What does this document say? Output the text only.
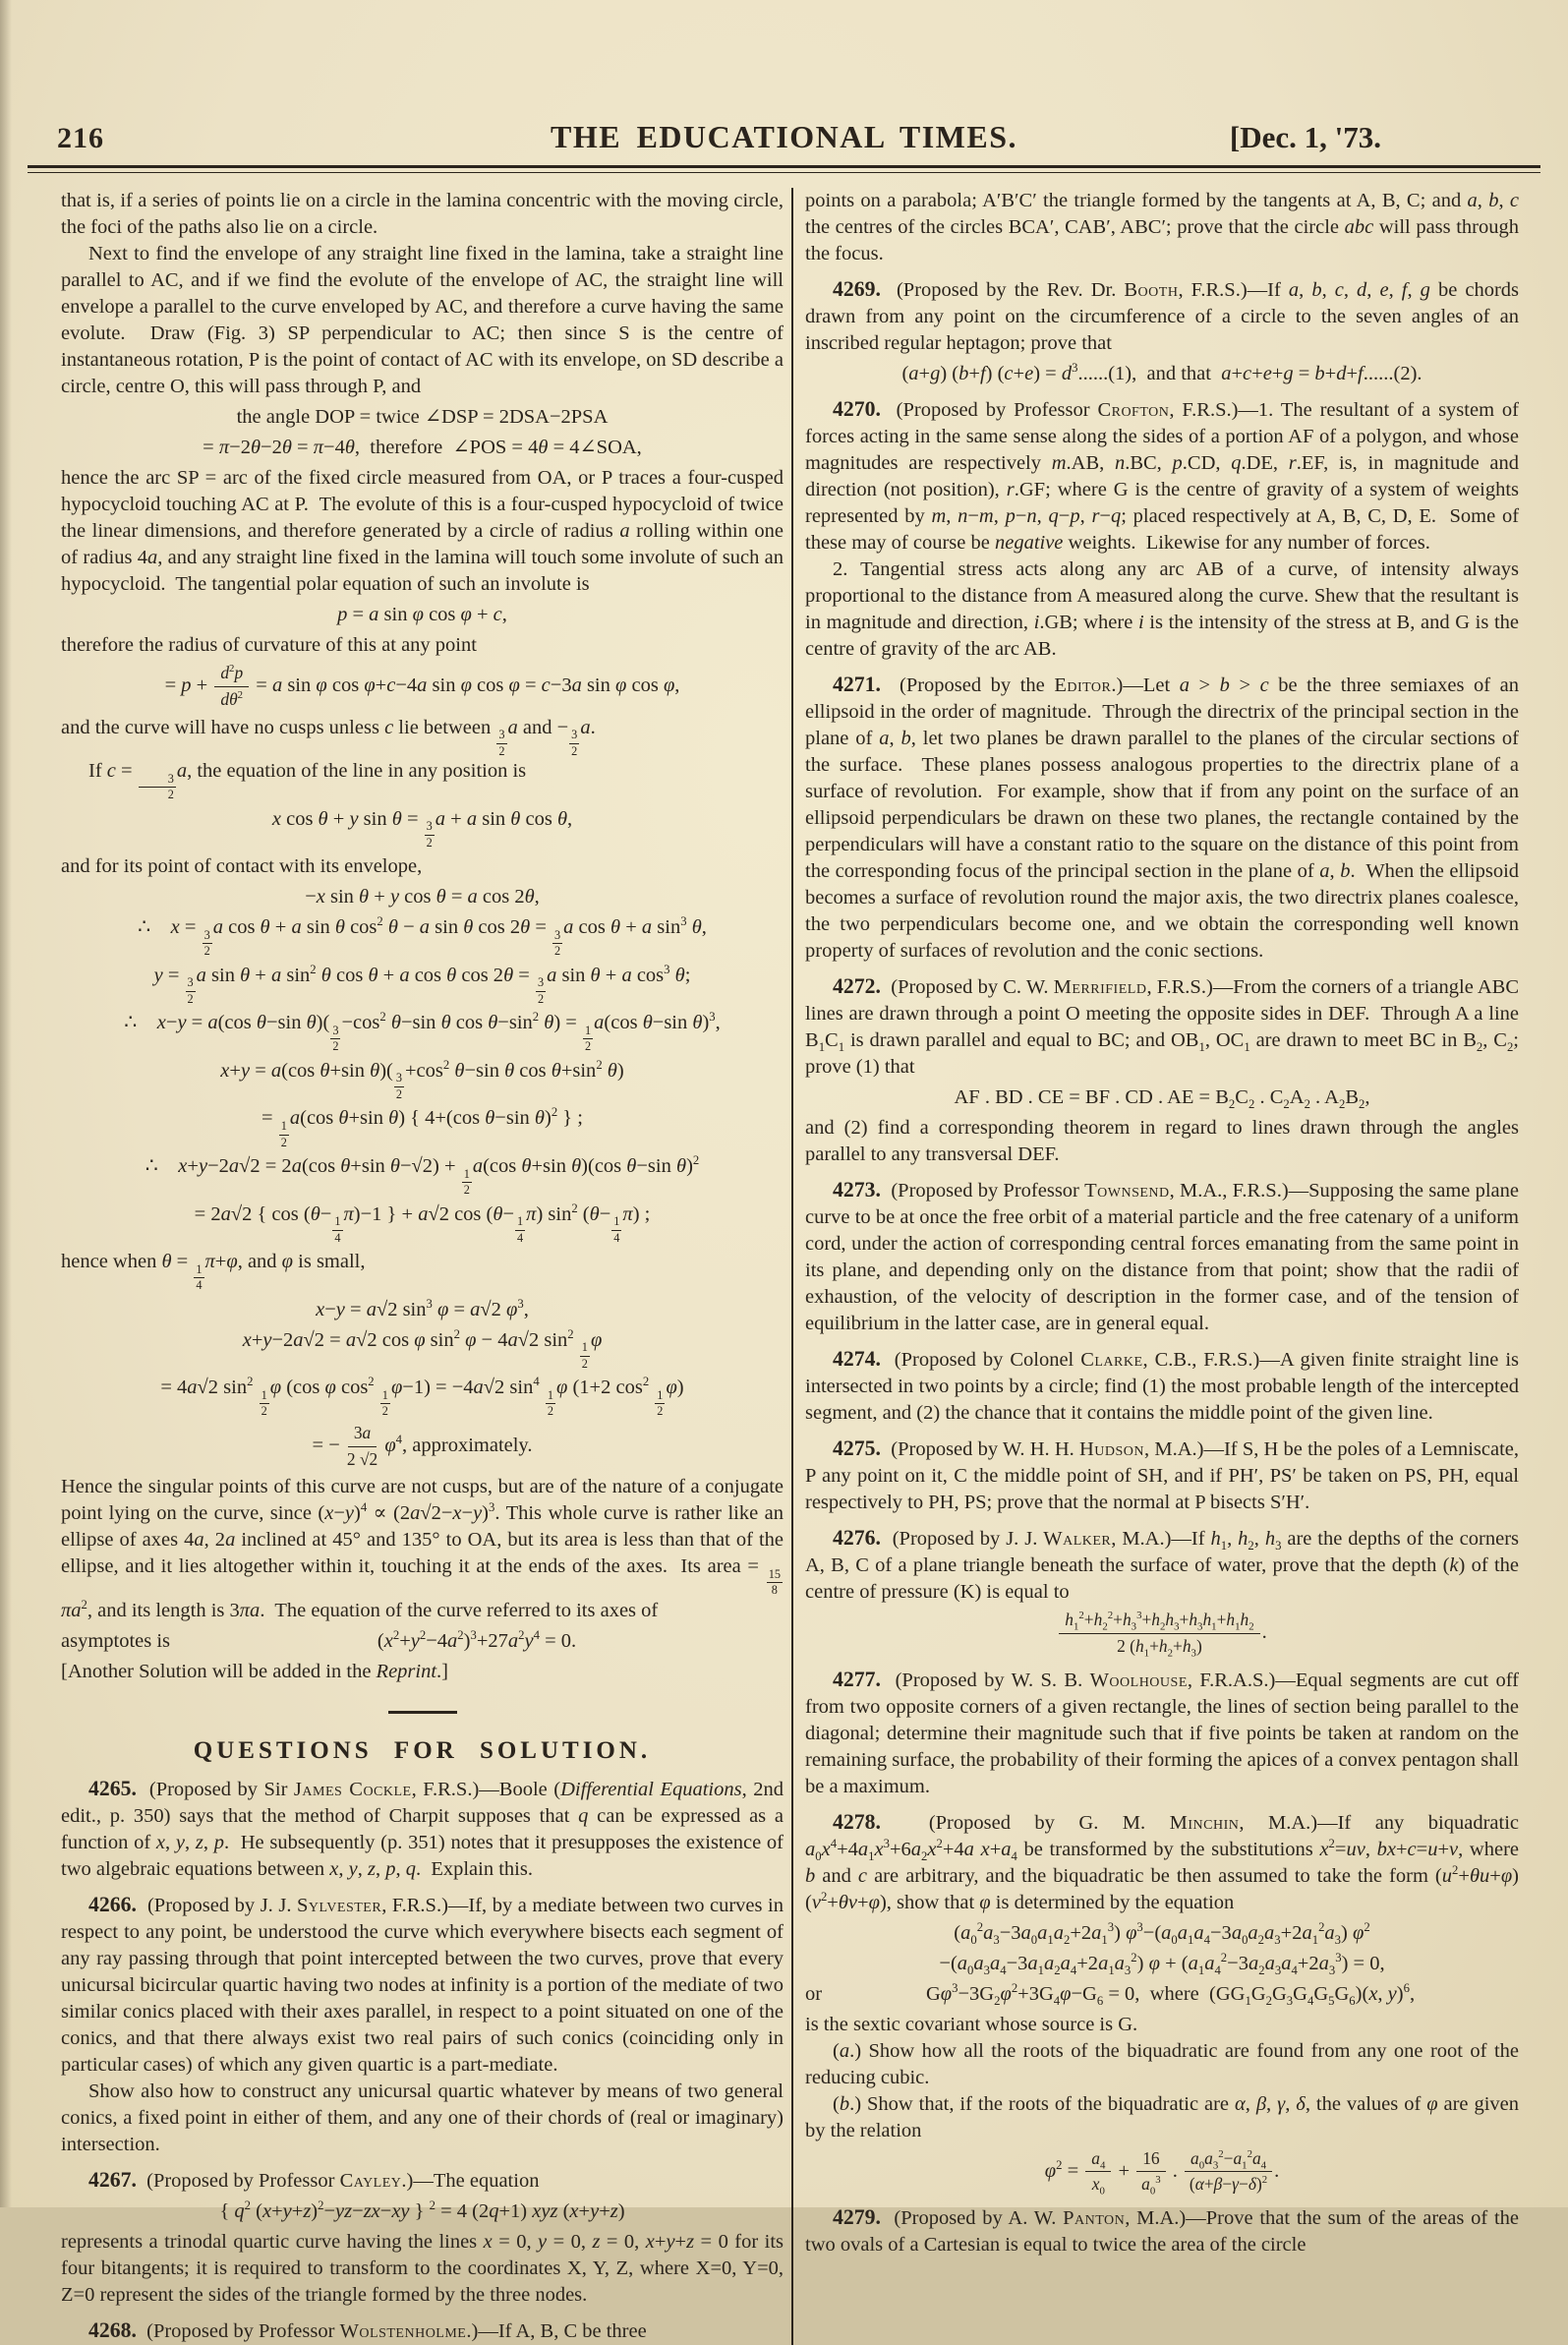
216	THE EDUCATIONAL TIMES.	[Dec. 1, '73.
that is, if a series of points lie on a circle in the lamina concentric with the moving circle, the foci of the paths also lie on a circle.
Next to find the envelope of any straight line fixed in the lamina, take a straight line parallel to AC, and if we find the evolute of the envelope of AC, the straight line will envelope a parallel to the curve enveloped by AC, and therefore a curve having the same evolute.  Draw (Fig. 3) SP perpendicular to AC; then since S is the centre of instantaneous rotation, P is the point of contact of AC with its envelope, on SD describe a circle, centre O, this will pass through P, and
the angle DOP = twice ∠DSP = 2DSA−2PSA
= π−2θ−2θ = π−4θ,  therefore  ∠POS = 4θ = 4∠SOA,
hence the arc SP = arc of the fixed circle measured from OA, or P traces a four-cusped hypocycloid touching AC at P.  The evolute of this is a four-cusped hypocycloid of twice the linear dimensions, and therefore generated by a circle of radius a rolling within one of radius 4a, and any straight line fixed in the lamina will touch some involute of such an hypocycloid.  The tangential polar equation of such an involute is
p = a sin φ cos φ + c,
therefore the radius of curvature of this at any point
= $p + \frac{d^2p}{d\theta^2} = a$ sin φ cos φ+c−4a sin φ cos φ = c−3a sin φ cos φ,
and the curve will have no cusps unless c lie between
$\frac{3}{2}$
a and −
$\frac{3}{2}$
a.
If c =
$\frac{3}{2}$
a, the equation of the line in any position is
x cos θ + y sin θ =
$\frac{3}{2}$
a + a sin θ cos θ,
and for its point of contact with its envelope,
−x sin θ + y cos θ = a cos 2θ,
∴ x =
$\frac{3}{2}$
a cos θ + a sin θ $\cos^2 \theta - a$ sin θ cos 2θ =
$\frac{3}{2}$
a cos θ + a $\sin^3 \theta$,
y =
$\frac{3}{2}$
a sin θ + a $\sin^2 \theta$ cos θ + a cos θ cos 2θ =
$\frac{3}{2}$
a sin θ + a $\cos^3 \theta$;
∴ x−y = a(cos θ−sin θ)(
$\frac{3}{2}$
$-\cos^2$ θ−sin θ $\cos \theta-\sin^2$ θ) =
$\frac{1}{2}$
a(cos θ−sin θ)$^3$,
x+y = a(cos θ+sin θ)(
$\frac{3}{2}$
$+\cos^2$ θ−sin θ $\cos \theta+\sin^2$ θ)
=
$\frac{1}{2}$
a(cos θ+sin θ) { 4+(cos θ−sin θ)$^2$ } ;
∴ x+y−2a√2 = 2a(cos θ+sin θ−√2) +
$\frac{1}{2}$
a(cos θ+sin θ)(cos θ−sin θ)$^2$
= 2a√2 { cos (θ−
$\frac{1}{4}$
π)−1 } + a√2 cos (θ−
$\frac{1}{4}$
π) $\sin^2 (\theta-$
$\frac{1}{4}$
π) ;
hence when θ =
$\frac{1}{4}$
π+φ, and φ is small,
x−y = a√2 $\sin^3 \varphi = a√2$ $\varphi^3$,
x+y−2a√2 = a√2 cos φ $\sin^2 \varphi - 4a√2$ $\sin^2$
$\frac{1}{2}$
φ
= 4a√2 $\sin^2$
$\frac{1}{2}$
φ (cos φ $\cos^2$
$\frac{1}{2}$
φ−1) = −4a√2 $\sin^4$
$\frac{1}{2}$
φ (1+2 $\cos^2$
$\frac{1}{2}$
φ)
= − $\frac{3a}{2 √2} \varphi^4$, approximately.
Hence the singular points of this curve are not cusps, but are of the nature of a conjugate point lying on the curve, since $(x-y)^4 \propto (2a√2-x-y)^3$. This whole curve is rather like an ellipse of axes 4a, 2a inclined at 45° and 135° to OA, but its area is less than that of the ellipse, and it lies altogether within it, touching it at the ends of the axes.  Its area =
$\frac{15}{8}$
$\pi a^2$, and its length is 3πa.  The equation of the curve referred to its axes of
asymptotes is	$(x^2+y^2-4a^2)^3+27a^2y^4 = 0$.
[Another Solution will be added in the Reprint.]
QUESTIONS FOR SOLUTION.
4265.  (Proposed by Sir James Cockle, F.R.S.)—Boole (Differential Equations, 2nd edit., p. 350) says that the method of Charpit supposes that q can be expressed as a function of x, y, z, p.  He subsequently (p. 351) notes that it presupposes the existence of two algebraic equations between x, y, z, p, q.  Explain this.
4266.  (Proposed by J. J. Sylvester, F.R.S.)—If, by a mediate between two curves in respect to any point, be understood the curve which everywhere bisects each segment of any ray passing through that point intercepted between the two curves, prove that every unicursal bicircular quartic having two nodes at infinity is a portion of the mediate of two similar conics placed with their axes parallel, in respect to a point situated on one of the conics, and that there always exist two real pairs of such conics (coinciding only in particular cases) of which any given quartic is a part-mediate.
Show also how to construct any unicursal quartic whatever by means of two general conics, a fixed point in either of them, and any one of their chords of (real or imaginary) intersection.
4267.  (Proposed by Professor Cayley.)—The equation
{ $q^2$ $(x+y+z)^2-yz-zx-xy$ } $^2$ = 4 (2q+1) xyz (x+y+z)
represents a trinodal quartic curve having the lines x = 0, y = 0, z = 0, x+y+z = 0 for its four bitangents; it is required to transform to the coordinates X, Y, Z, where X=0, Y=0, Z=0 represent the sides of the triangle formed by the three nodes.
4268.  (Proposed by Professor Wolstenholme.)—If A, B, C be three
points on a parabola; A′B′C′ the triangle formed by the tangents at A, B, C; and a, b, c the centres of the circles BCA′, CAB′, ABC′; prove that the circle abc will pass through the focus.
4269.  (Proposed by the Rev. Dr. Booth, F.R.S.)—If a, b, c, d, e, f, g be chords drawn from any point on the circumference of a circle to the seven angles of an inscribed regular heptagon; prove that
(a+g) (b+f) $(c+e) = d^3......(1)$,  and that  a+c+e+g = b+d+f......(2).
4270.  (Proposed by Professor Crofton, F.R.S.)—1. The resultant of a system of forces acting in the same sense along the sides of a portion AF of a polygon, and whose magnitudes are respectively m.AB, n.BC, p.CD, q.DE, r.EF, is, in magnitude and direction (not position), r.GF; where G is the centre of gravity of a system of weights represented by m, n−m, p−n, q−p, r−q; placed respectively at A, B, C, D, E.  Some of these may of course be negative weights.  Likewise for any number of forces.
2. Tangential stress acts along any arc AB of a curve, of intensity always proportional to the distance from A measured along the curve. Shew that the resultant is in magnitude and direction, i.GB; where i is the intensity of the stress at B, and G is the centre of gravity of the arc AB.
4271.  (Proposed by the Editor.)—Let a > b > c be the three semiaxes of an ellipsoid in the order of magnitude.  Through the directrix of the principal section in the plane of a, b, let two planes be drawn parallel to the planes of the circular sections of the surface.  These planes possess analogous properties to the directrix plane of a surface of revolution.  For example, show that if from any point on the surface of an ellipsoid perpendiculars be drawn on these two planes, the rectangle contained by the perpendiculars will have a constant ratio to the square on the distance of this point from the corresponding focus of the principal section in the plane of a, b.  When the ellipsoid becomes a surface of revolution round the major axis, the two directrix planes coalesce, the two perpendiculars become one, and we obtain the corresponding well known property of surfaces of revolution and the conic sections.
4272.  (Proposed by C. W. Merrifield, F.R.S.)—From the corners of a triangle ABC lines are drawn through a point O meeting the opposite sides in DEF.  Through A a line $B_1C_1$ is drawn parallel and equal to BC; and $OB_1$, $OC_1$ are drawn to meet BC in $B_2$, $C_2$; prove (1) that
AF . BD . CE = BF . CD . AE = $B_2C_2$ . $C_2A_2$ . $A_2B_2$,
and (2) find a corresponding theorem in regard to lines drawn through the angles parallel to any transversal DEF.
4273.  (Proposed by Professor Townsend, M.A., F.R.S.)—Supposing the same plane curve to be at once the free orbit of a material particle and the free catenary of a uniform cord, under the action of corresponding central forces emanating from the same point in its plane, and depending only on the distance from that point; show that the radii of exhaustion, of the velocity of description in the former case, and of the tension of equilibrium in the latter case, are in general equal.
4274.  (Proposed by Colonel Clarke, C.B., F.R.S.)—A given finite straight line is intersected in two points by a circle; find (1) the most probable length of the intercepted segment, and (2) the chance that it contains the middle point of the given line.
4275.  (Proposed by W. H. H. Hudson, M.A.)—If S, H be the poles of a Lemniscate, P any point on it, C the middle point of SH, and if PH′, PS′ be taken on PS, PH, equal respectively to PH, PS; prove that the normal at P bisects S′H′.
4276.  (Proposed by J. J. Walker, M.A.)—If $h_1$, $h_2$, $h_3$ are the depths of the corners A, B, C of a plane triangle beneath the surface of water, prove that the depth (k) of the centre of pressure (K) is equal to
$\frac{h_1^2+h_2^2+h_3^3+h_2h_3+h_3h_1+h_1h_2}{2 (h_1+h_2+h_3)}$ .
4277.  (Proposed by W. S. B. Woolhouse, F.R.A.S.)—Equal segments are cut off from two opposite corners of a given rectangle, the lines of section being parallel to the diagonal; determine their magnitude such that if five points be taken at random on the remaining surface, the probability of their forming the apices of a convex pentagon shall be a maximum.
4278.  (Proposed by G. M. Minchin, M.A.)—If any biquadratic $a_0x^4+4a_1x^3+6a_2x^2+4a$ $x+a_4$ be transformed by the substitutions $x^2=uv$, bx+c=u+v, where b and c are arbitrary, and the biquadratic be then assumed to take the form $(u^2+\theta u+\varphi)(v^2+\theta v+\varphi)$, show that φ is determined by the equation
$(a_0^2a_3-3a_0a_1a_2+2a_1^3)$ $\varphi^3-(a_0a_1a_4-3a_0a_2a_3+2a_1^2a_3)$ $\varphi^2$
$-(a_0a_3a_4-3a_1a_2a_4+2a_1a_3^2) \varphi + (a_1a_4^2-3a_2a_3a_4+2a_3^3) = 0$,
or	$G\varphi^3-3G_2\varphi^2+3G_4\varphi-G_6 = 0$,  where  $(GG_1G_2G_3G_4G_5G_6)(x$, y)$^6$,
is the sextic covariant whose source is G.
(a.) Show how all the roots of the biquadratic are found from any one root of the reducing cubic.
(b.) Show that, if the roots of the biquadratic are α, β, γ, δ, the values of φ are given by the relation
$\varphi^2 = \frac{a_4}{x_0} + \frac{16}{a_0^3}$ . $\frac{a_0a_3^2-a_1^2a_4}{(\alpha+\beta-\gamma-\delta)^2}$ .
4279.  (Proposed by A. W. Panton, M.A.)—Prove that the sum of the areas of the two ovals of a Cartesian is equal to twice the area of the circle
